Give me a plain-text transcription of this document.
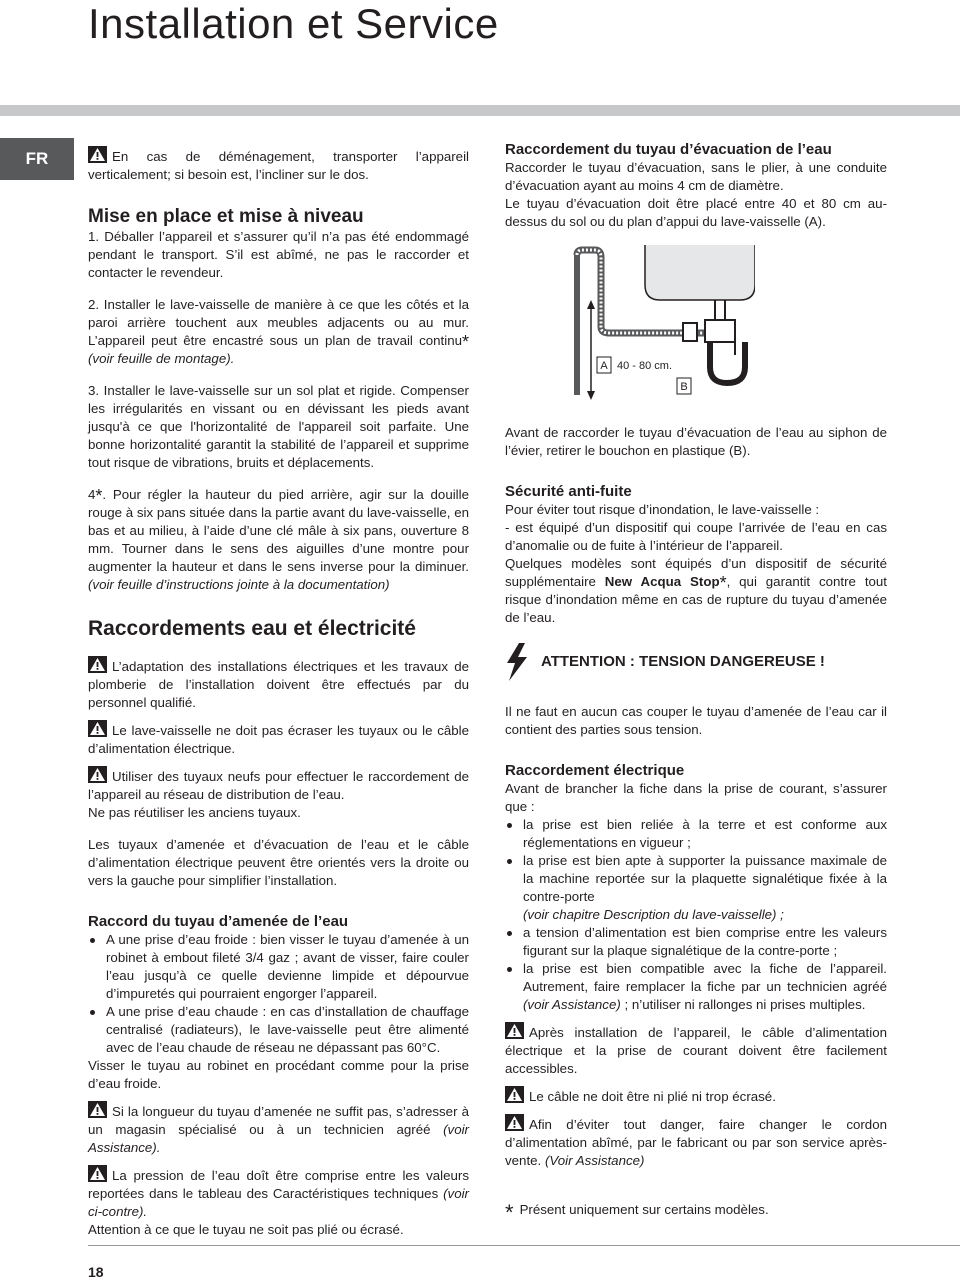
Installation et Service
FR	En cas de déménagement, transporter l’appareil verticalement; si besoin est, l’incliner sur le dos.

Mise en place et mise à niveau

1. Déballer l’appareil et s’assurer qu’il n’a pas été endommagé pendant le transport. S’il est abîmé, ne pas le raccorder et contacter le revendeur.

2. Installer le lave-vaisselle de manière à ce que les côtés et la paroi arrière touchent aux meubles adjacents ou au mur. L’appareil peut être encastré sous un plan de travail continu* (voir feuille de montage).

3. Installer le lave-vaisselle sur un sol plat et rigide. Compenser les irrégularités en vissant ou en dévissant les pieds avant jusqu'à ce que l'horizontalité de l'appareil soit parfaite. Une bonne horizontalité garantit la stabilité de l’appareil et supprime tout risque de vibrations, bruits et déplacements.

4*. Pour régler la hauteur du pied arrière, agir sur la douille rouge à six pans située dans la partie avant du lave-vaisselle, en bas et au milieu, à l’aide d’une clé mâle à six pans, ouverture 8 mm. Tourner dans le sens des aiguilles d’une montre pour augmenter la hauteur et dans le sens inverse pour la diminuer. (voir feuille d’instructions jointe à la documentation)

Raccordements eau et électricité

L’adaptation des installations électriques et les travaux de plomberie de l’installation doivent être effectués par du personnel qualifié.

Le lave-vaisselle ne doit pas écraser les tuyaux ou le câble d’alimentation électrique.

Utiliser des tuyaux neufs pour effectuer le raccordement de l’appareil au réseau de distribution de l’eau.

Ne pas réutiliser les anciens tuyaux.

Les tuyaux d’amenée et d’évacuation de l’eau et le câble d’alimentation électrique peuvent être orientés vers la droite ou vers la gauche pour simplifier l’installation.

Raccord du tuyau d’amenée de l’eau
A une prise d’eau froide : bien visser le tuyau d’amenée à un robinet à embout fileté 3/4 gaz ; avant de visser, faire couler l’eau jusqu’à ce quelle devienne limpide et dépourvue d’impuretés qui pourraient engorger l’appareil.
A une prise d’eau chaude : en cas d’installation de chauffage centralisé (radiateurs), le lave-vaisselle peut être alimenté avec de l’eau chaude de réseau ne dépassant pas 60°C.

Visser le tuyau au robinet en procédant comme pour la prise d’eau froide.

Si la longueur du tuyau d’amenée ne suffit pas, s’adresser à un magasin spécialisé ou à un technicien agréé (voir Assistance).

La pression de l’eau doît être comprise entre les valeurs reportées dans le tableau des Caractéristiques techniques (voir ci-contre).

Attention à ce que le tuyau ne soit pas plié ou écrasé.

Raccordement du tuyau d’évacuation de l’eau

Raccorder le tuyau d’évacuation, sans le plier, à une conduite d’évacuation ayant au moins 4 cm de diamètre.

Le tuyau d’évacuation doit être placé entre 40 et 80 cm au-dessus du sol ou du plan d’appui du lave-vaisselle (A).

A 40 - 80 cm.
B

Avant de raccorder le tuyau d’évacuation de l’eau au siphon de l’évier, retirer le bouchon en plastique (B).

Sécurité anti-fuite

Pour éviter tout risque d’inondation, le lave-vaisselle :

- est équipé d’un dispositif qui coupe l’arrivée de l’eau en cas d’anomalie ou de fuite à l’intérieur de l’appareil.

Quelques modèles sont équipés d’un dispositif de sécurité supplémentaire New Acqua Stop*, qui garantit contre tout risque d’inondation même en cas de rupture du tuyau d’amenée de l’eau.

ATTENTION : TENSION DANGEREUSE !

Il ne faut en aucun cas couper le tuyau d’amenée de l’eau car il contient des parties sous tension.

Raccordement électrique

Avant de brancher la fiche dans la prise de courant, s’assurer que :

la prise est bien reliée à la terre et est conforme aux réglementations en vigueur ;
la prise est bien apte à supporter la puissance maximale de la machine reportée sur la plaquette signalétique fixée à la contre-porte
(voir chapitre Description du lave-vaisselle) ;
a tension d’alimentation est bien comprise entre les valeurs figurant sur la plaque signalétique de la contre-porte ;
la prise est bien compatible avec la fiche de l’appareil. Autrement, faire remplacer la fiche par un technicien agréé (voir Assistance) ; n’utiliser ni rallonges ni prises multiples.

Après installation de l’appareil, le câble d’alimentation électrique et la prise de courant doivent être facilement accessibles.

Le câble ne doit être ni plié ni trop écrasé.

Afin d’éviter tout danger, faire changer le cordon d’alimentation abîmé, par le fabricant ou par son service après-vente. (Voir Assistance)

* Présent uniquement sur certains modèles.
18
